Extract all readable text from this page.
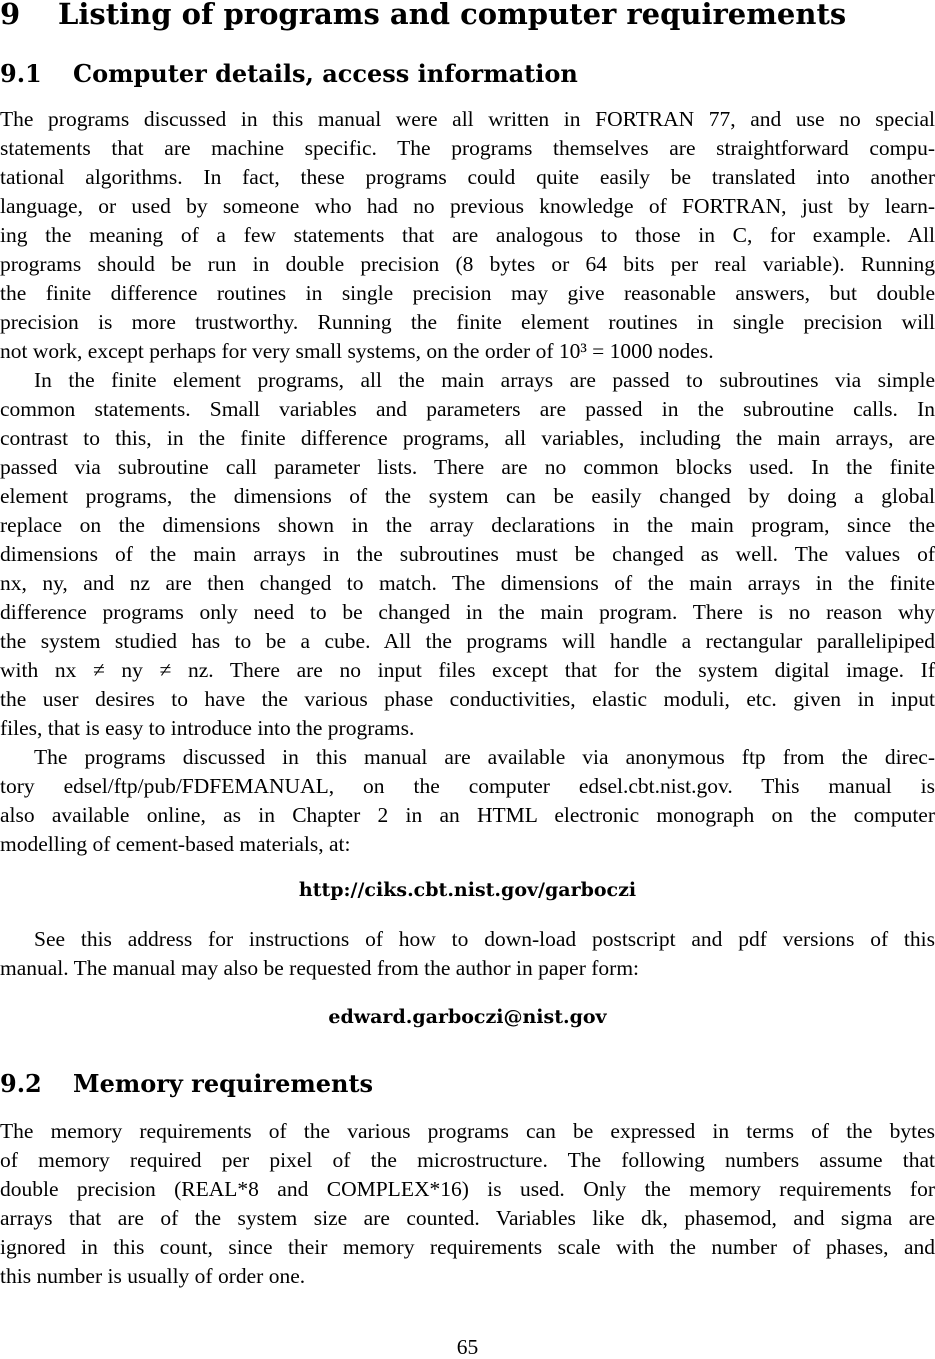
9 Listing of programs and computer requirements
9.1 Computer details, access information
The programs discussed in this manual were all written in FORTRAN 77, and use no special
statements that are machine specific. The programs themselves are straightforward compu-
tational algorithms. In fact, these programs could quite easily be translated into another
language, or used by someone who had no previous knowledge of FORTRAN, just by learn-
ing the meaning of a few statements that are analogous to those in C, for example. All
programs should be run in double precision (8 bytes or 64 bits per real variable). Running
the finite difference routines in single precision may give reasonable answers, but double
precision is more trustworthy. Running the finite element routines in single precision will
not work, except perhaps for very small systems, on the order of 10³ = 1000 nodes.
In the finite element programs, all the main arrays are passed to subroutines via simple
common statements. Small variables and parameters are passed in the subroutine calls. In
contrast to this, in the finite difference programs, all variables, including the main arrays, are
passed via subroutine call parameter lists. There are no common blocks used. In the finite
element programs, the dimensions of the system can be easily changed by doing a global
replace on the dimensions shown in the array declarations in the main program, since the
dimensions of the main arrays in the subroutines must be changed as well. The values of
nx, ny, and nz are then changed to match. The dimensions of the main arrays in the finite
difference programs only need to be changed in the main program. There is no reason why
the system studied has to be a cube. All the programs will handle a rectangular parallelipiped
with nx ≠ ny ≠ nz. There are no input files except that for the system digital image. If
the user desires to have the various phase conductivities, elastic moduli, etc. given in input
files, that is easy to introduce into the programs.
The programs discussed in this manual are available via anonymous ftp from the direc-
tory edsel/ftp/pub/FDFEMANUAL, on the computer edsel.cbt.nist.gov. This manual is
also available online, as in Chapter 2 in an HTML electronic monograph on the computer
modelling of cement-based materials, at:
http://ciks.cbt.nist.gov/garboczi
See this address for instructions of how to down-load postscript and pdf versions of this
manual. The manual may also be requested from the author in paper form:
edward.garboczi@nist.gov
9.2 Memory requirements
The memory requirements of the various programs can be expressed in terms of the bytes
of memory required per pixel of the microstructure. The following numbers assume that
double precision (REAL*8 and COMPLEX*16) is used. Only the memory requirements for
arrays that are of the system size are counted. Variables like dk, phasemod, and sigma are
ignored in this count, since their memory requirements scale with the number of phases, and
this number is usually of order one.
65
